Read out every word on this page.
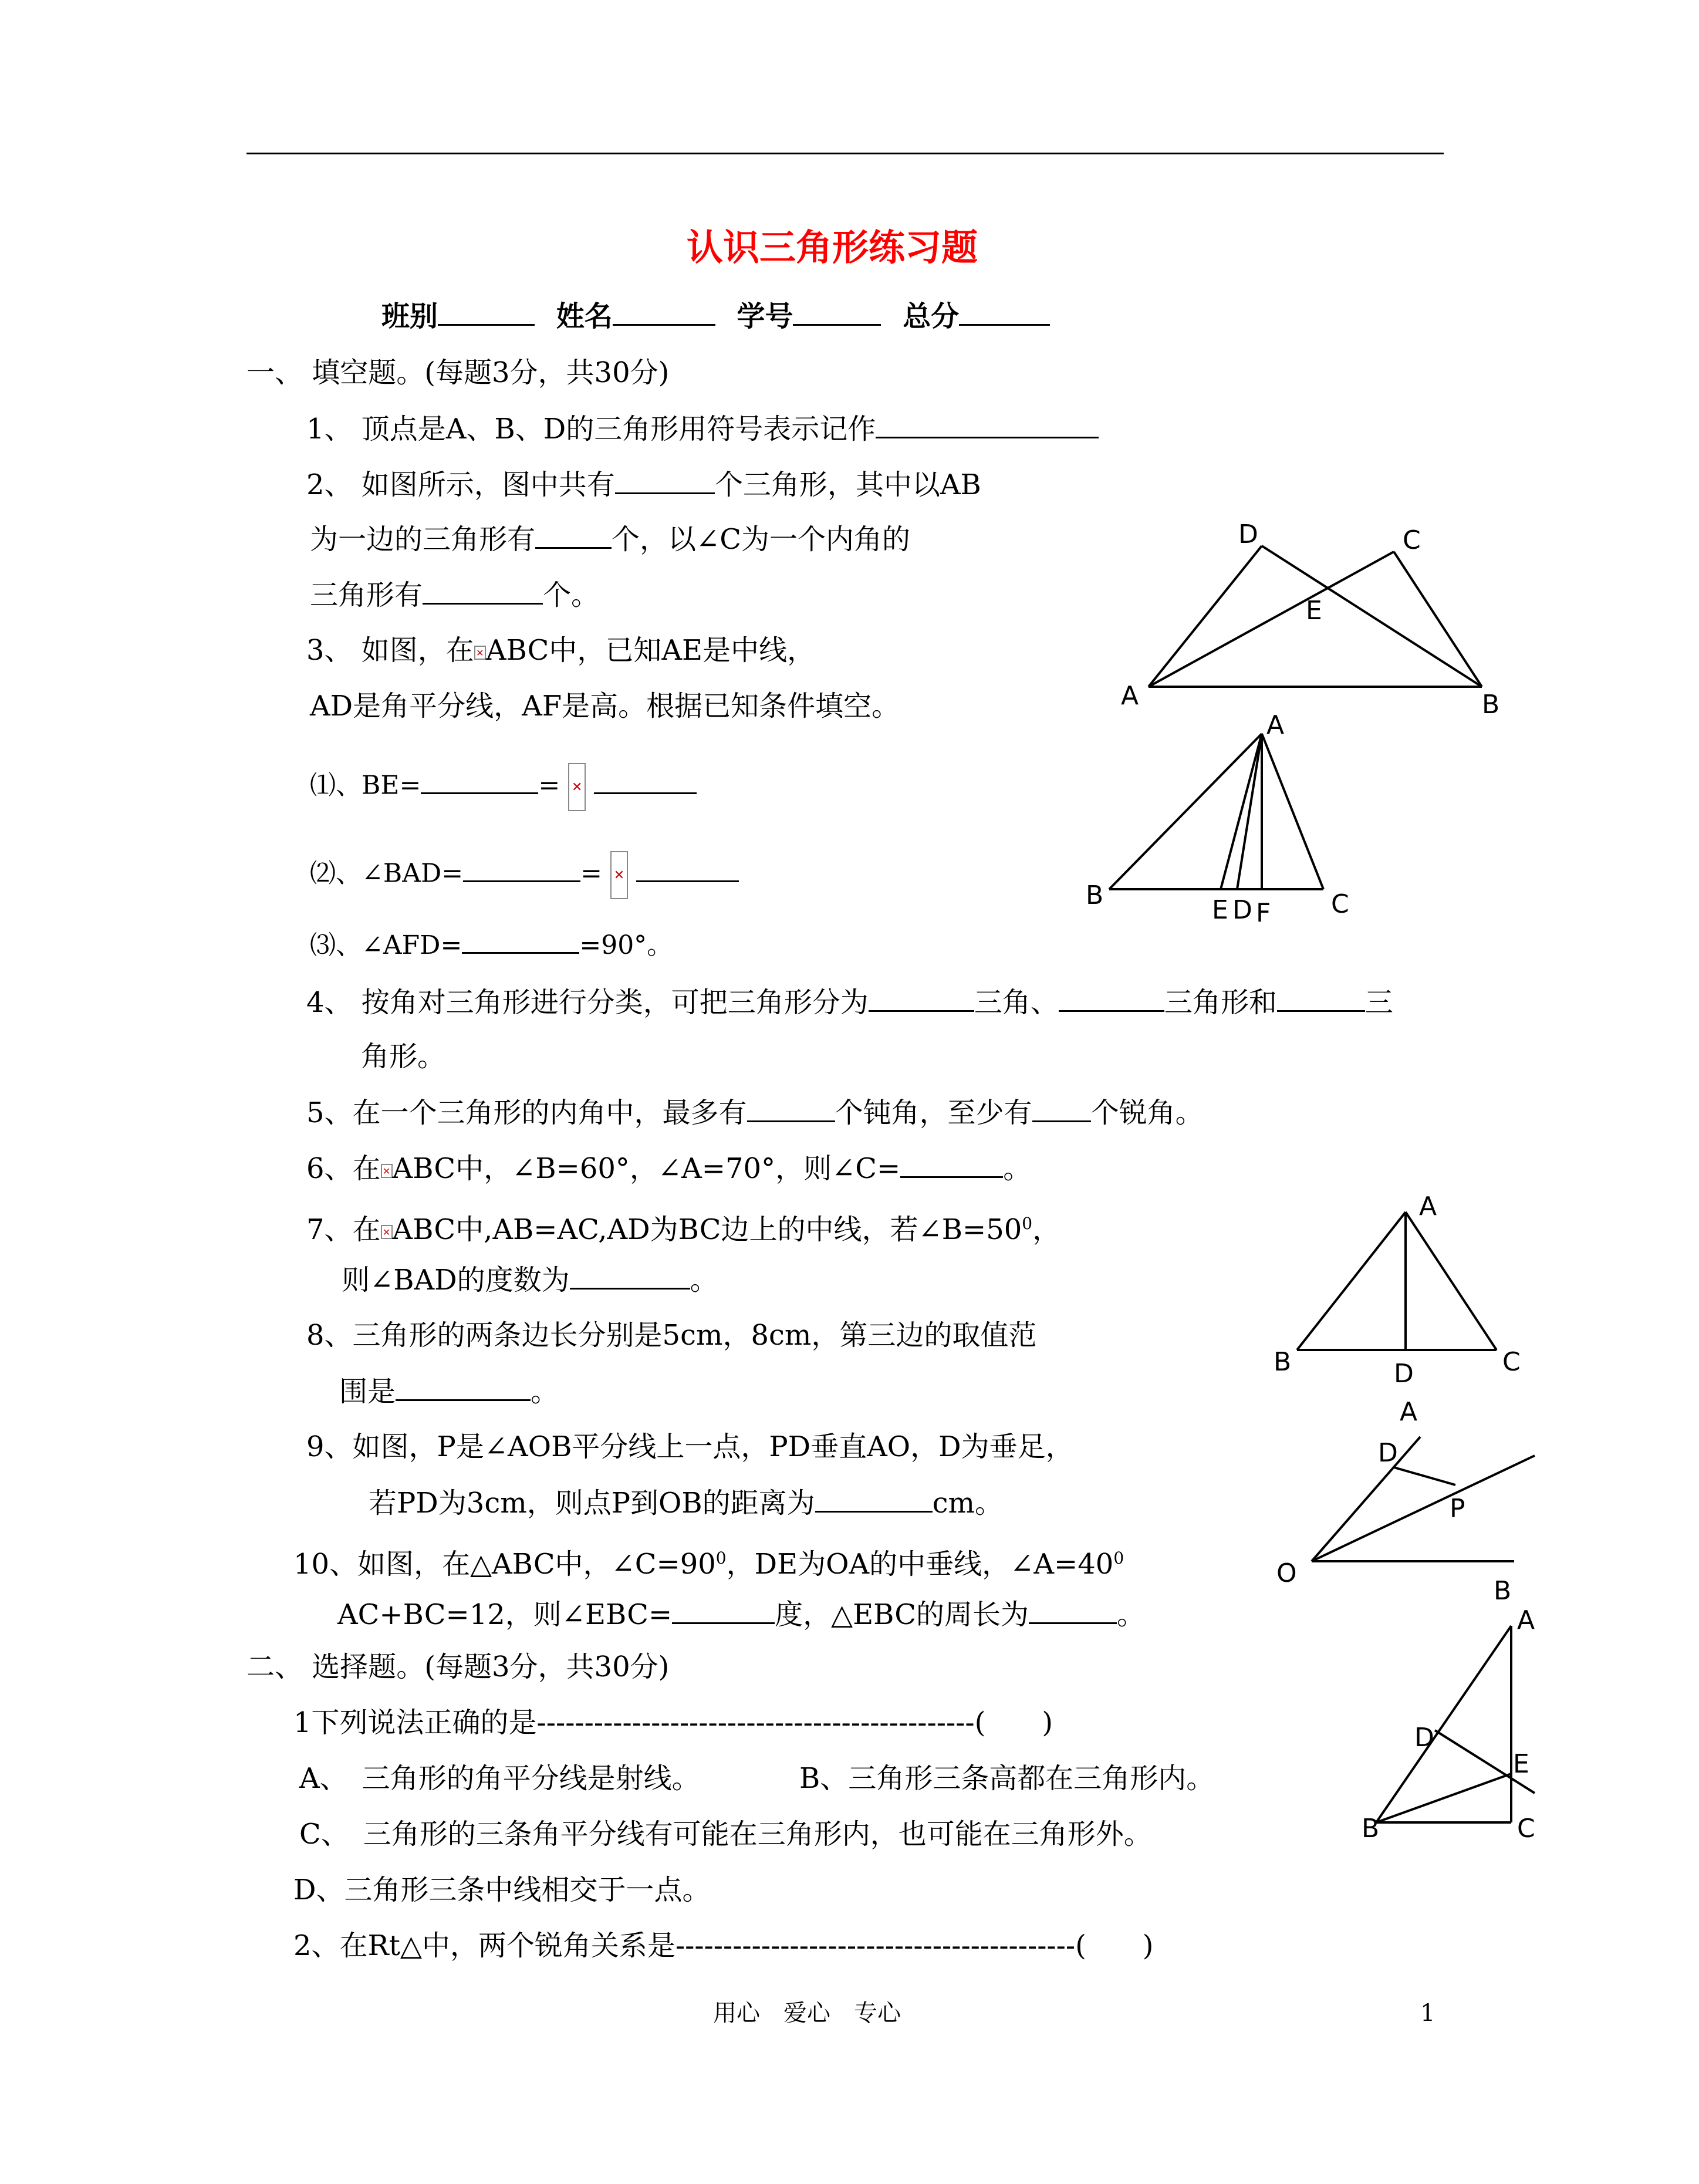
认识三角形练习题
班别	姓名	学号	总分
一、 填空题。(每题3分，共30分)
1、 顶点是A、B、D的三角形用符号表示记作
2、 如图所示，图中共有	个三角形，其中以AB
为一边的三角形有	个，以∠C为一个内角的
三角形有	个。
3、 如图，在 ✕ABC中，已知AE是中线，
AD是角平分线，AF是高。根据已知条件填空。
⑴、BE=	= ✕
⑵、∠BAD=	= ✕
⑶、∠AFD=	=90°。
4、 按角对三角形进行分类，可把三角形分为	三角、	三角形和	三
角形。
5、在一个三角形的内角中，最多有	个钝角，至少有 个锐角。
6、在 ✕ABC中，∠B=60°，∠A=70°，则∠C=	。
7、在 ✕ABC中,AB=AC,AD为BC边上的中线，若$\angle B=50^0$，
则∠BAD的度数为	。
8、三角形的两条边长分别是5cm，8cm，第三边的取值范
围是	。
9、如图，P是∠AOB平分线上一点，PD垂直AO，D为垂足，
若PD为3cm，则点P到OB的距离为	cm。
10、如图，在△ABC中，$\angle C=90^0$，DE为OA的中垂线，$\angle A=40^0$
AC+BC=12，则∠EBC=	度，△EBC的周长为	。
二、 选择题。(每题3分，共30分)
1下列说法正确的是----------------------------------------------(　　)
A、　三角形的角平分线是射线。	B、三角形三条高都在三角形内。
C、　三角形的三条角平分线有可能在三角形内，也可能在三角形外。
D、三角形三条中线相交于一点。
2、在Rt△中，两个锐角关系是------------------------------------------(　　)
用心　爱心　专心	1
D	C
E
A	B
A
B	E D F C
A
B	D	C
A
D
P
O
B
A
D
E
B	C
